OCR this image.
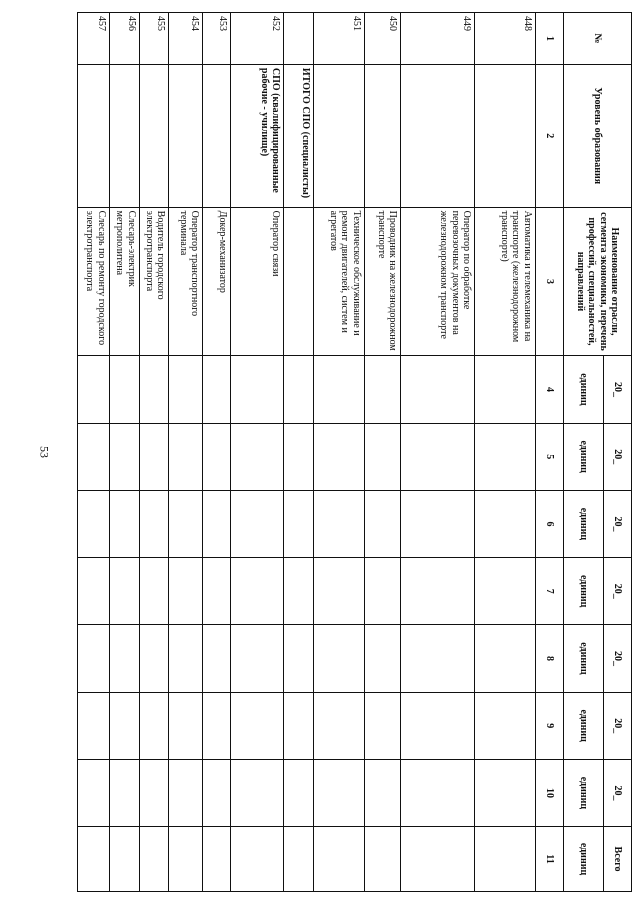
53
№	Уровень образования	Наименование отрасли, сегмента экономики, перечень профессий, специальностей, направлений	20_	20_	20_	20_	20_	20_	20_	Всего
			единиц	единиц	единиц	единиц	единиц	единиц	единиц	единиц
1	2	3	4	5	6	7	8	9	10	11
448		Автоматика и телемеханика на транспорте (железнодорожном транспорте)								
449		Оператор по обработке перевозочных документов на железнодорожном транспорте								
450		Проводник на железнодорожном транспорте								
451		Техническое обслуживание и ремонт двигателей, систем и агрегатов								
	ИТОГО СПО (специалисты)									
452	СПО (квалифицированные рабочие - училище)	Оператор связи								
453		Докер-механизатор								
454		Оператор транспортного терминала								
455		Водитель городского электротранспорта								
456		Слесарь-электрик метрополитена								
457		Слесарь по ремонту городского электротранспорта								
